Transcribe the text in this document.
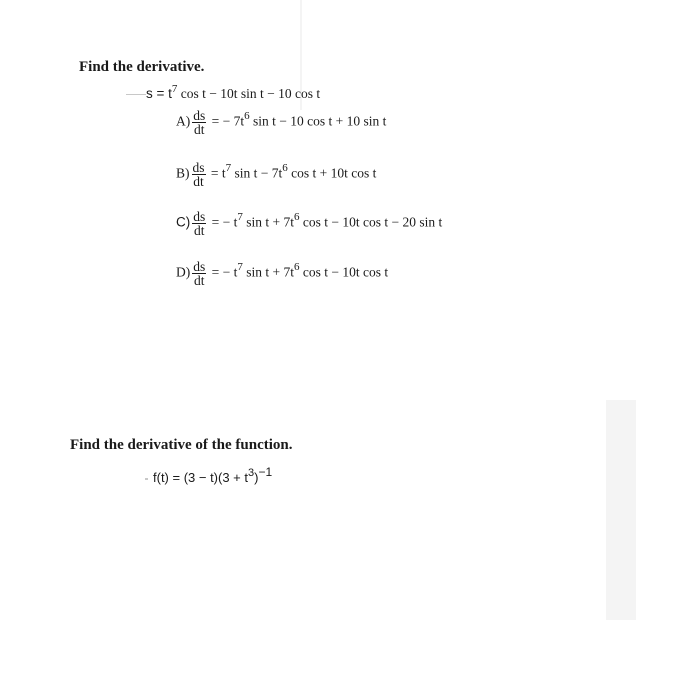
Find the derivative.
$s = t^7$ cos t − 10t sin t − 10 cos t
$A) \frac{ds}{dt}$ = − $7t^6$ sin t − 10 cos t + 10 sin t
$B) \frac{ds}{dt} = t^7$ $\sin t - 7t^6$ cos t + 10t cos t
$C) \frac{ds}{dt}$ = − $t^7$ $\sin t + 7t^6$ cos t − 10t cos t − 20 sin t
$D) \frac{ds}{dt}$ = − $t^7$ $\sin t + 7t^6$ cos t − 10t cos t
Find the derivative of the function.
$f(t) = (3 - t)(3 + t^3)^{-1}$
